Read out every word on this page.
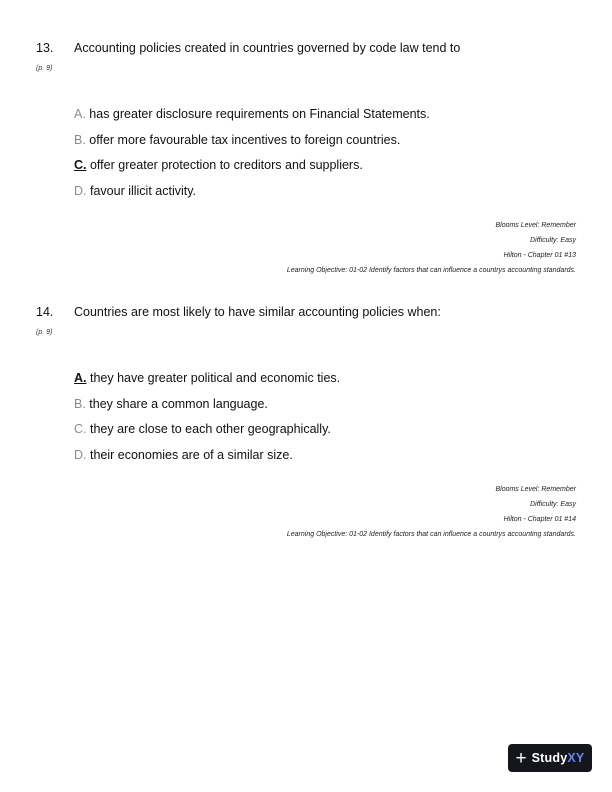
13. Accounting policies created in countries governed by code law tend to
(p. 9)
A. has greater disclosure requirements on Financial Statements.
B. offer more favourable tax incentives to foreign countries.
C. offer greater protection to creditors and suppliers.
D. favour illicit activity.
Blooms Level: Remember
Difficulty: Easy
Hilton - Chapter 01 #13
Learning Objective: 01-02 Identify factors that can influence a countrys accounting standards.
14. Countries are most likely to have similar accounting policies when:
(p. 9)
A. they have greater political and economic ties.
B. they share a common language.
C. they are close to each other geographically.
D. their economies are of a similar size.
Blooms Level: Remember
Difficulty: Easy
Hilton - Chapter 01 #14
Learning Objective: 01-02 Identify factors that can influence a countrys accounting standards.
+ StudyXY
